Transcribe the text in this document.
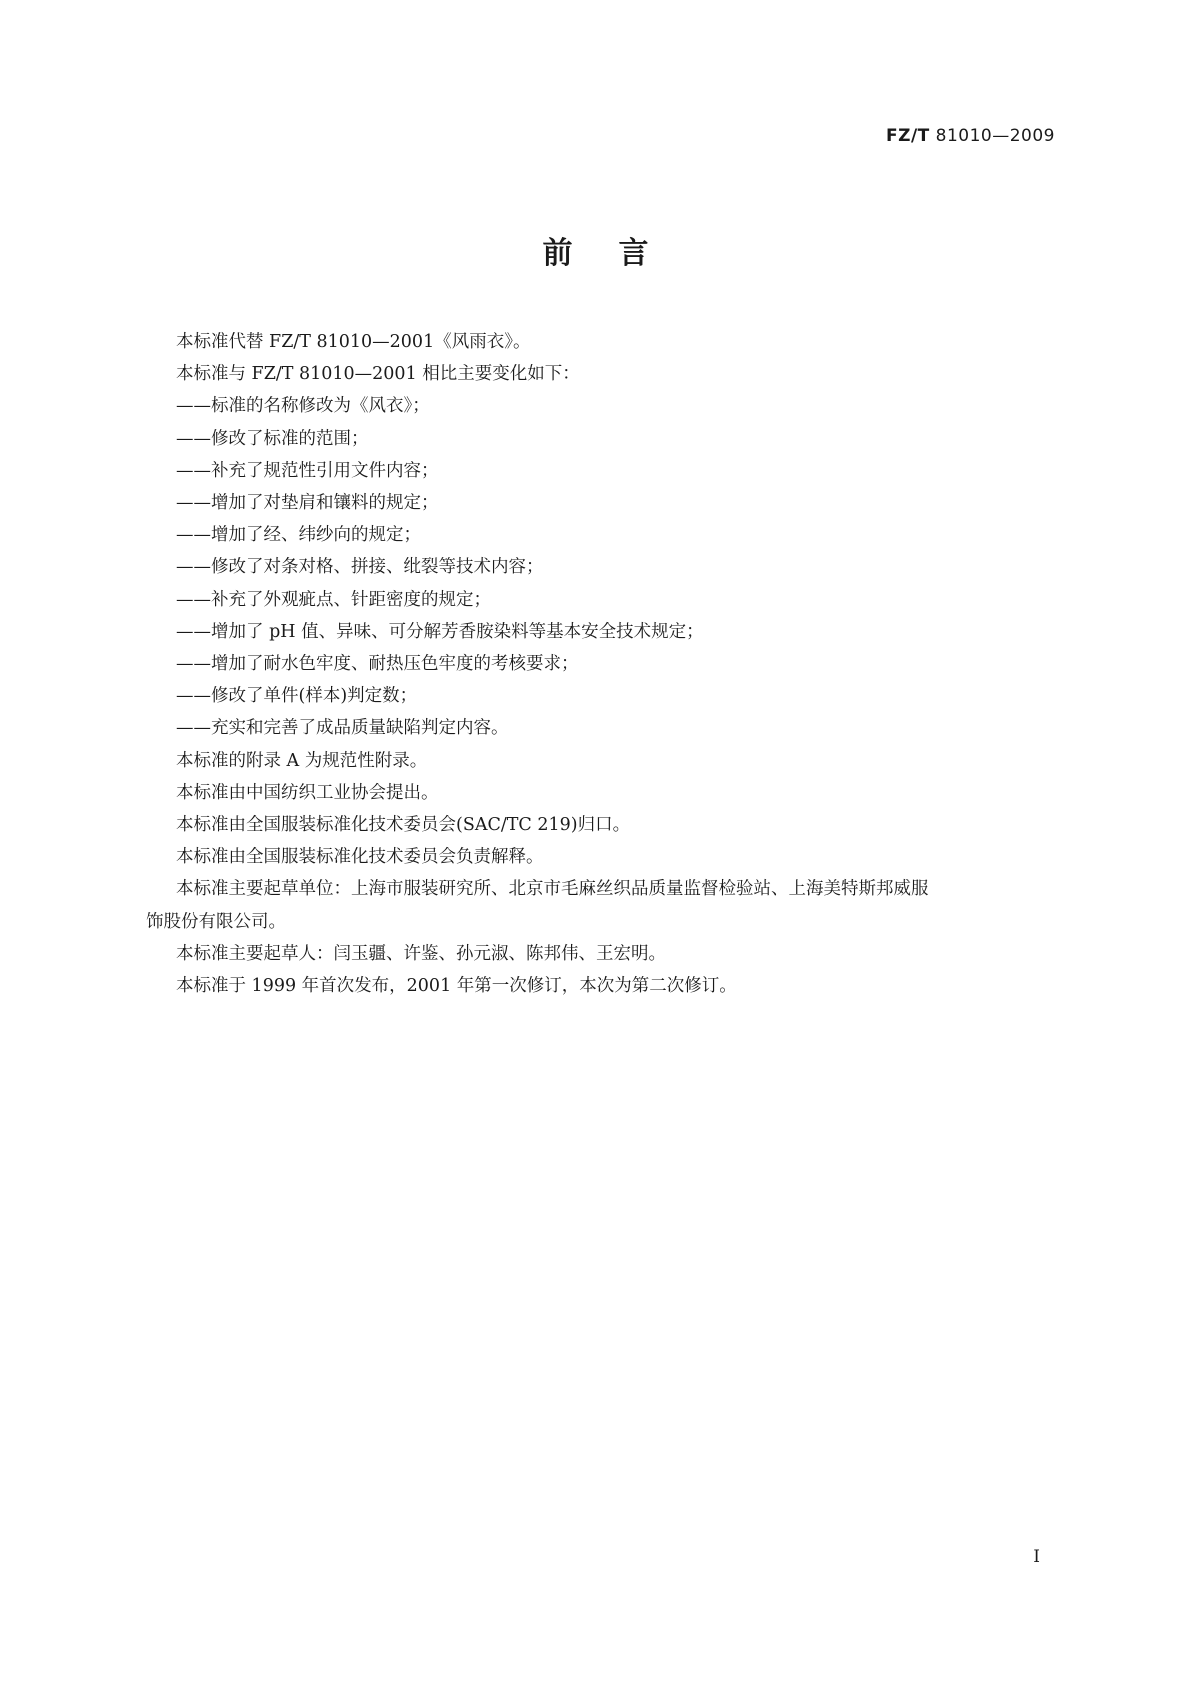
FZ/T 81010—2009
前言

本标准代替 FZ/T 81010—2001《风雨衣》。

本标准与 FZ/T 81010—2001 相比主要变化如下：

——标准的名称修改为《风衣》；

——修改了标准的范围；

——补充了规范性引用文件内容；

——增加了对垫肩和镶料的规定；

——增加了经、纬纱向的规定；

——修改了对条对格、拼接、纰裂等技术内容；

——补充了外观疵点、针距密度的规定；

——增加了 pH 值、异味、可分解芳香胺染料等基本安全技术规定；

——增加了耐水色牢度、耐热压色牢度的考核要求；

——修改了单件(样本)判定数；

——充实和完善了成品质量缺陷判定内容。

本标准的附录 A 为规范性附录。

本标准由中国纺织工业协会提出。

本标准由全国服装标准化技术委员会(SAC/TC 219)归口。

本标准由全国服装标准化技术委员会负责解释。

本标准主要起草单位：上海市服装研究所、北京市毛麻丝织品质量监督检验站、上海美特斯邦威服

饰股份有限公司。

本标准主要起草人：闫玉疆、许鉴、孙元淑、陈邦伟、王宏明。

本标准于 1999 年首次发布，2001 年第一次修订，本次为第二次修订。

I
